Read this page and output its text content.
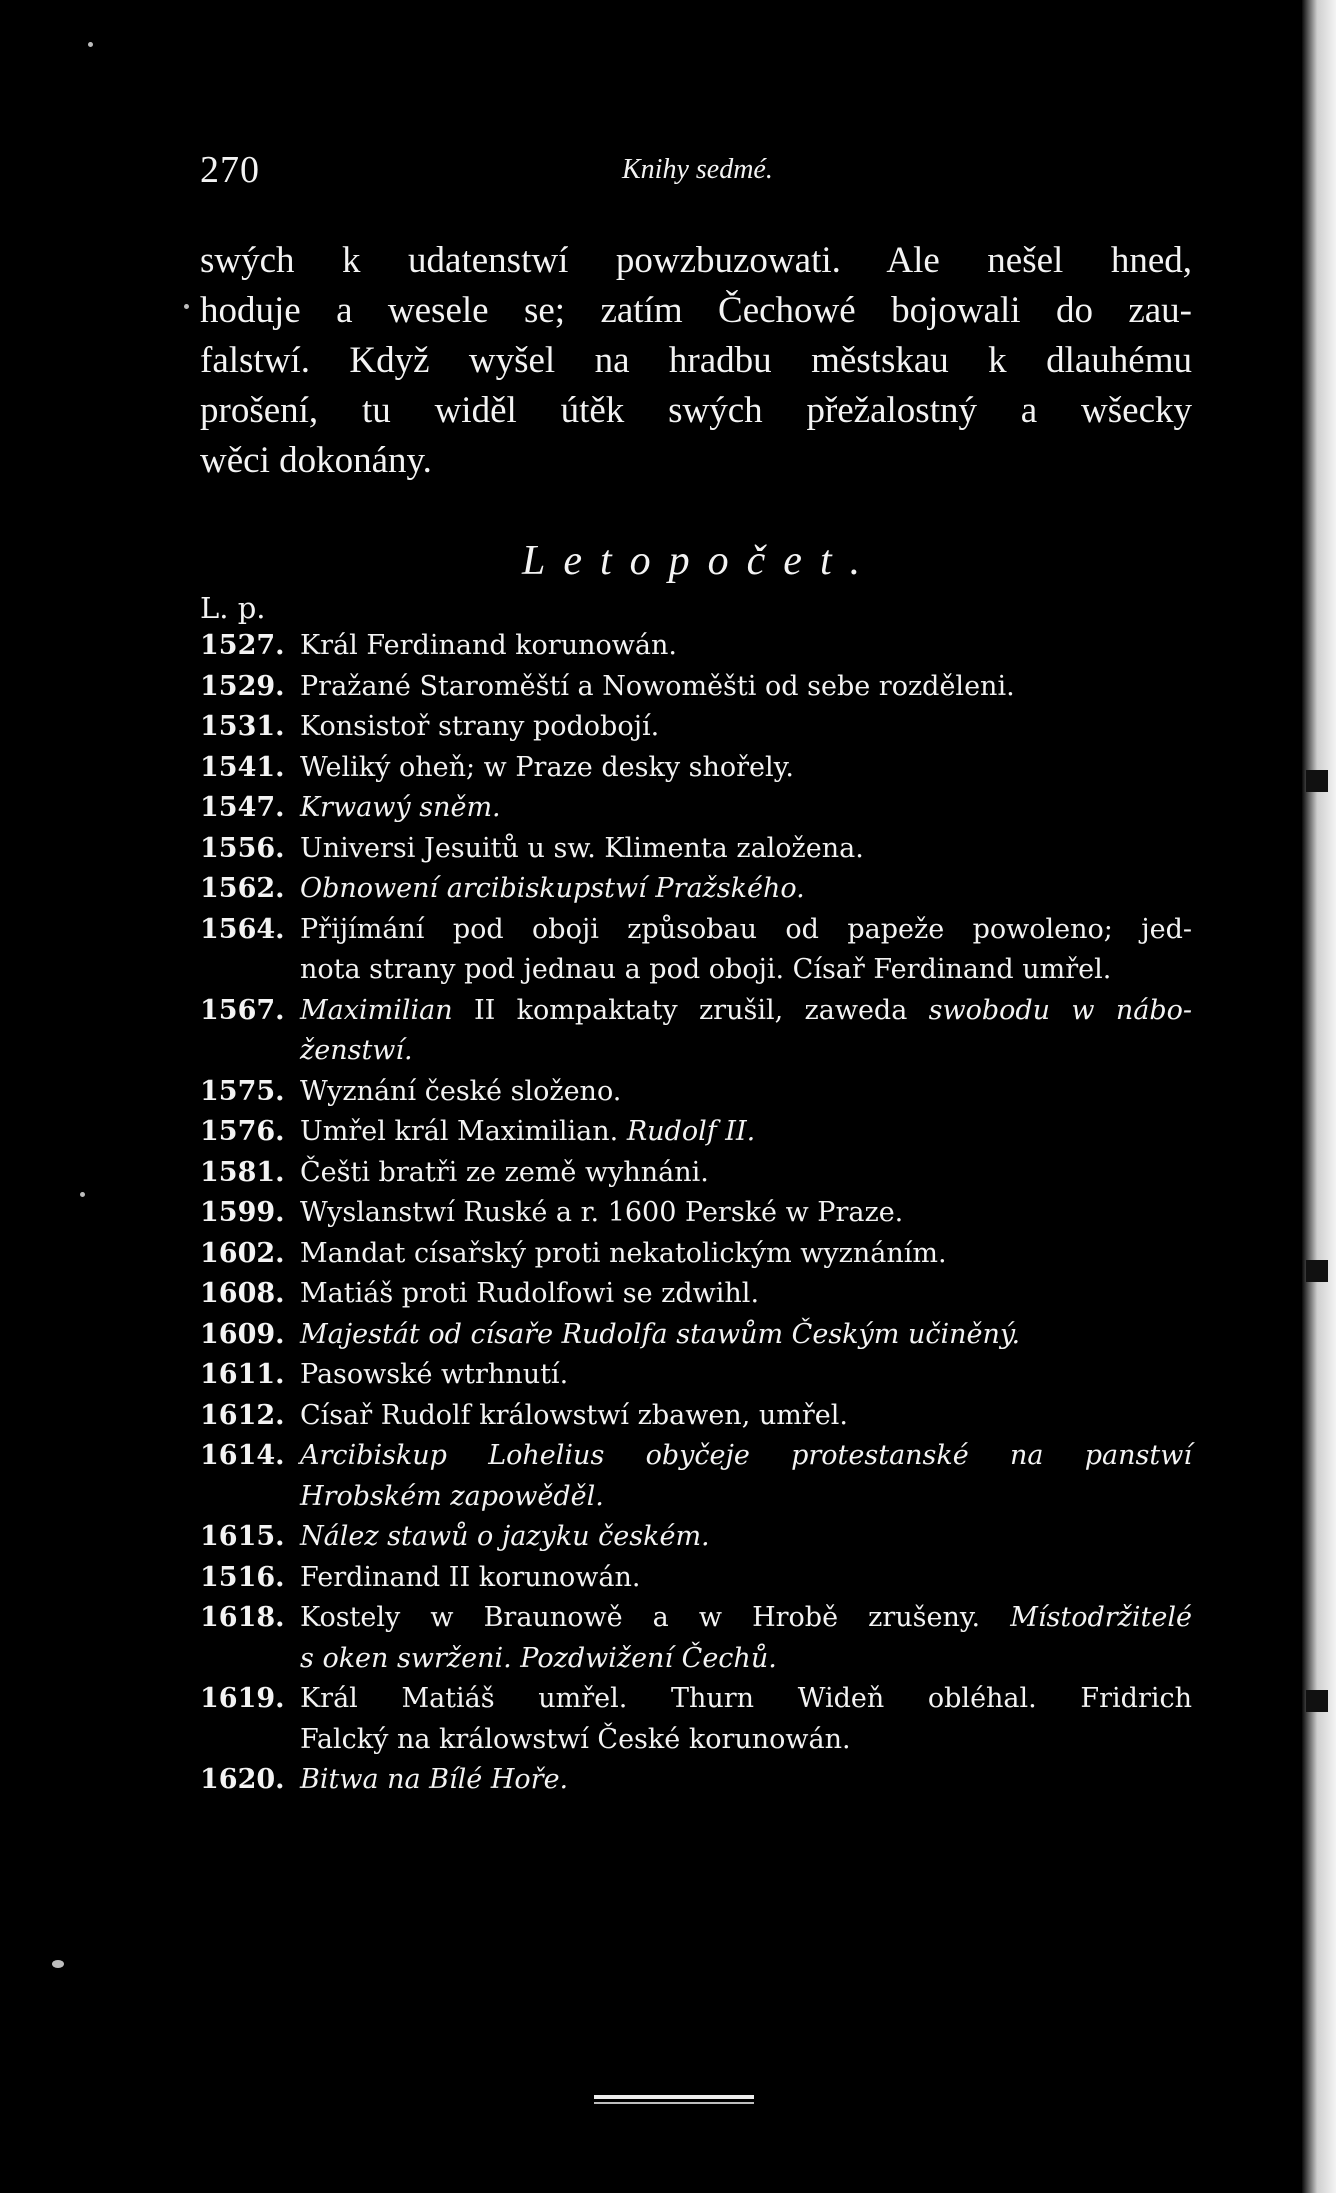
270	Knihy sedmé.
swých k udatenstwí powzbuzowati. Ale nešel hned,
hoduje a wesele se; zatím Čechowé bojowali do zau-
falstwí. Když wyšel na hradbu městskau k dlauhému
prošení, tu widěl útěk swých přežalostný a wšecky
wěci dokonány.
Letopočet.
L. p.
1527. Král Ferdinand korunowán.
1529. Pražané Staroměští a Nowoměšti od sebe rozděleni.
1531. Konsistoř strany podobojí.
1541. Weliký oheň; w Praze desky shořely.
1547. Krwawý sněm.
1556. Universi Jesuitů u sw. Klimenta založena.
1562. Obnowení arcibiskupstwí Pražského.
1564. Přijímání pod oboji způsobau od papeže powoleno; jed-
nota strany pod jednau a pod oboji. Císař Ferdinand umřel.
1567. Maximilian II kompaktaty zrušil, zaweda swobodu w nábo-
ženstwí.
1575. Wyznání české složeno.
1576. Umřel král Maximilian. Rudolf II.
1581. Češti bratři ze země wyhnáni.
1599. Wyslanstwí Ruské a r. 1600 Perské w Praze.
1602. Mandat císařský proti nekatolickým wyznáním.
1608. Matiáš proti Rudolfowi se zdwihl.
1609. Majestát od císaře Rudolfa stawům Českým učiněný.
1611. Pasowské wtrhnutí.
1612. Císař Rudolf králowstwí zbawen, umřel.
1614. Arcibiskup Lohelius obyčeje protestanské na panstwí
Hrobském zapowěděl.
1615. Nález stawů o jazyku českém.
1516. Ferdinand II korunowán.
1618. Kostely w Braunowě a w Hrobě zrušeny. Místodržitelé
s oken swrženi. Pozdwižení Čechů.
1619. Král Matiáš umřel. Thurn Wideň obléhal. Fridrich
Falcký na králowstwí České korunowán.
1620. Bitwa na Bílé Hoře.
